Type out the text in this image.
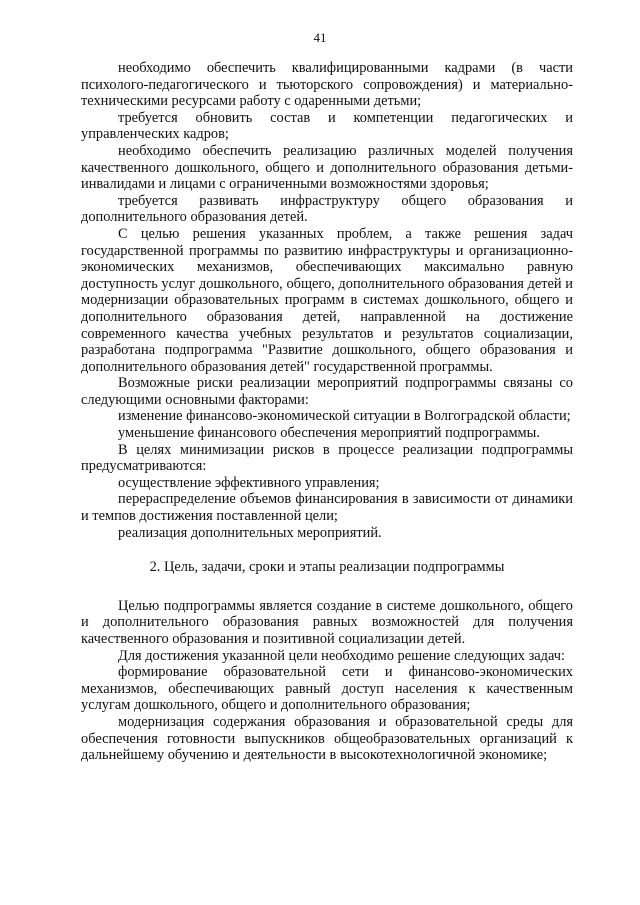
41

необходимо обеспечить квалифицированными кадрами (в части психолого-педагогического и тьюторского сопровождения) и материально-техническими ресурсами работу с одаренными детьми;

требуется обновить состав и компетенции педагогических и управленческих кадров;

необходимо обеспечить реализацию различных моделей получения качественного дошкольного, общего и дополнительного образования детьми-инвалидами и лицами с ограниченными возможностями здоровья;

требуется развивать инфраструктуру общего образования и дополнительного образования детей.

С целью решения указанных проблем, а также решения задач государственной программы по развитию инфраструктуры и организационно-экономических механизмов, обеспечивающих максимально равную доступность услуг дошкольного, общего, дополнительного образования детей и модернизации образовательных программ в системах дошкольного, общего и дополнительного образования детей, направленной на достижение современного качества учебных результатов и результатов социализации, разработана подпрограмма "Развитие дошкольного, общего образования и дополнительного образования детей" государственной программы.

Возможные риски реализации мероприятий подпрограммы связаны со следующими основными факторами:

изменение финансово-экономической ситуации в Волгоградской области;

уменьшение финансового обеспечения мероприятий подпрограммы.

В целях минимизации рисков в процессе реализации подпрограммы предусматриваются:

осуществление эффективного управления;

перераспределение объемов финансирования в зависимости от динамики и темпов достижения поставленной цели;

реализация дополнительных мероприятий.

2. Цель, задачи, сроки и этапы реализации подпрограммы

Целью подпрограммы является создание в системе дошкольного, общего и дополнительного образования равных возможностей для получения качественного образования и позитивной социализации детей.

Для достижения указанной цели необходимо решение следующих задач:

формирование образовательной сети и финансово-экономических механизмов, обеспечивающих равный доступ населения к качественным услугам дошкольного, общего и дополнительного образования;

модернизация содержания образования и образовательной среды для обеспечения готовности выпускников общеобразовательных организаций к дальнейшему обучению и деятельности в высокотехнологичной экономике;
